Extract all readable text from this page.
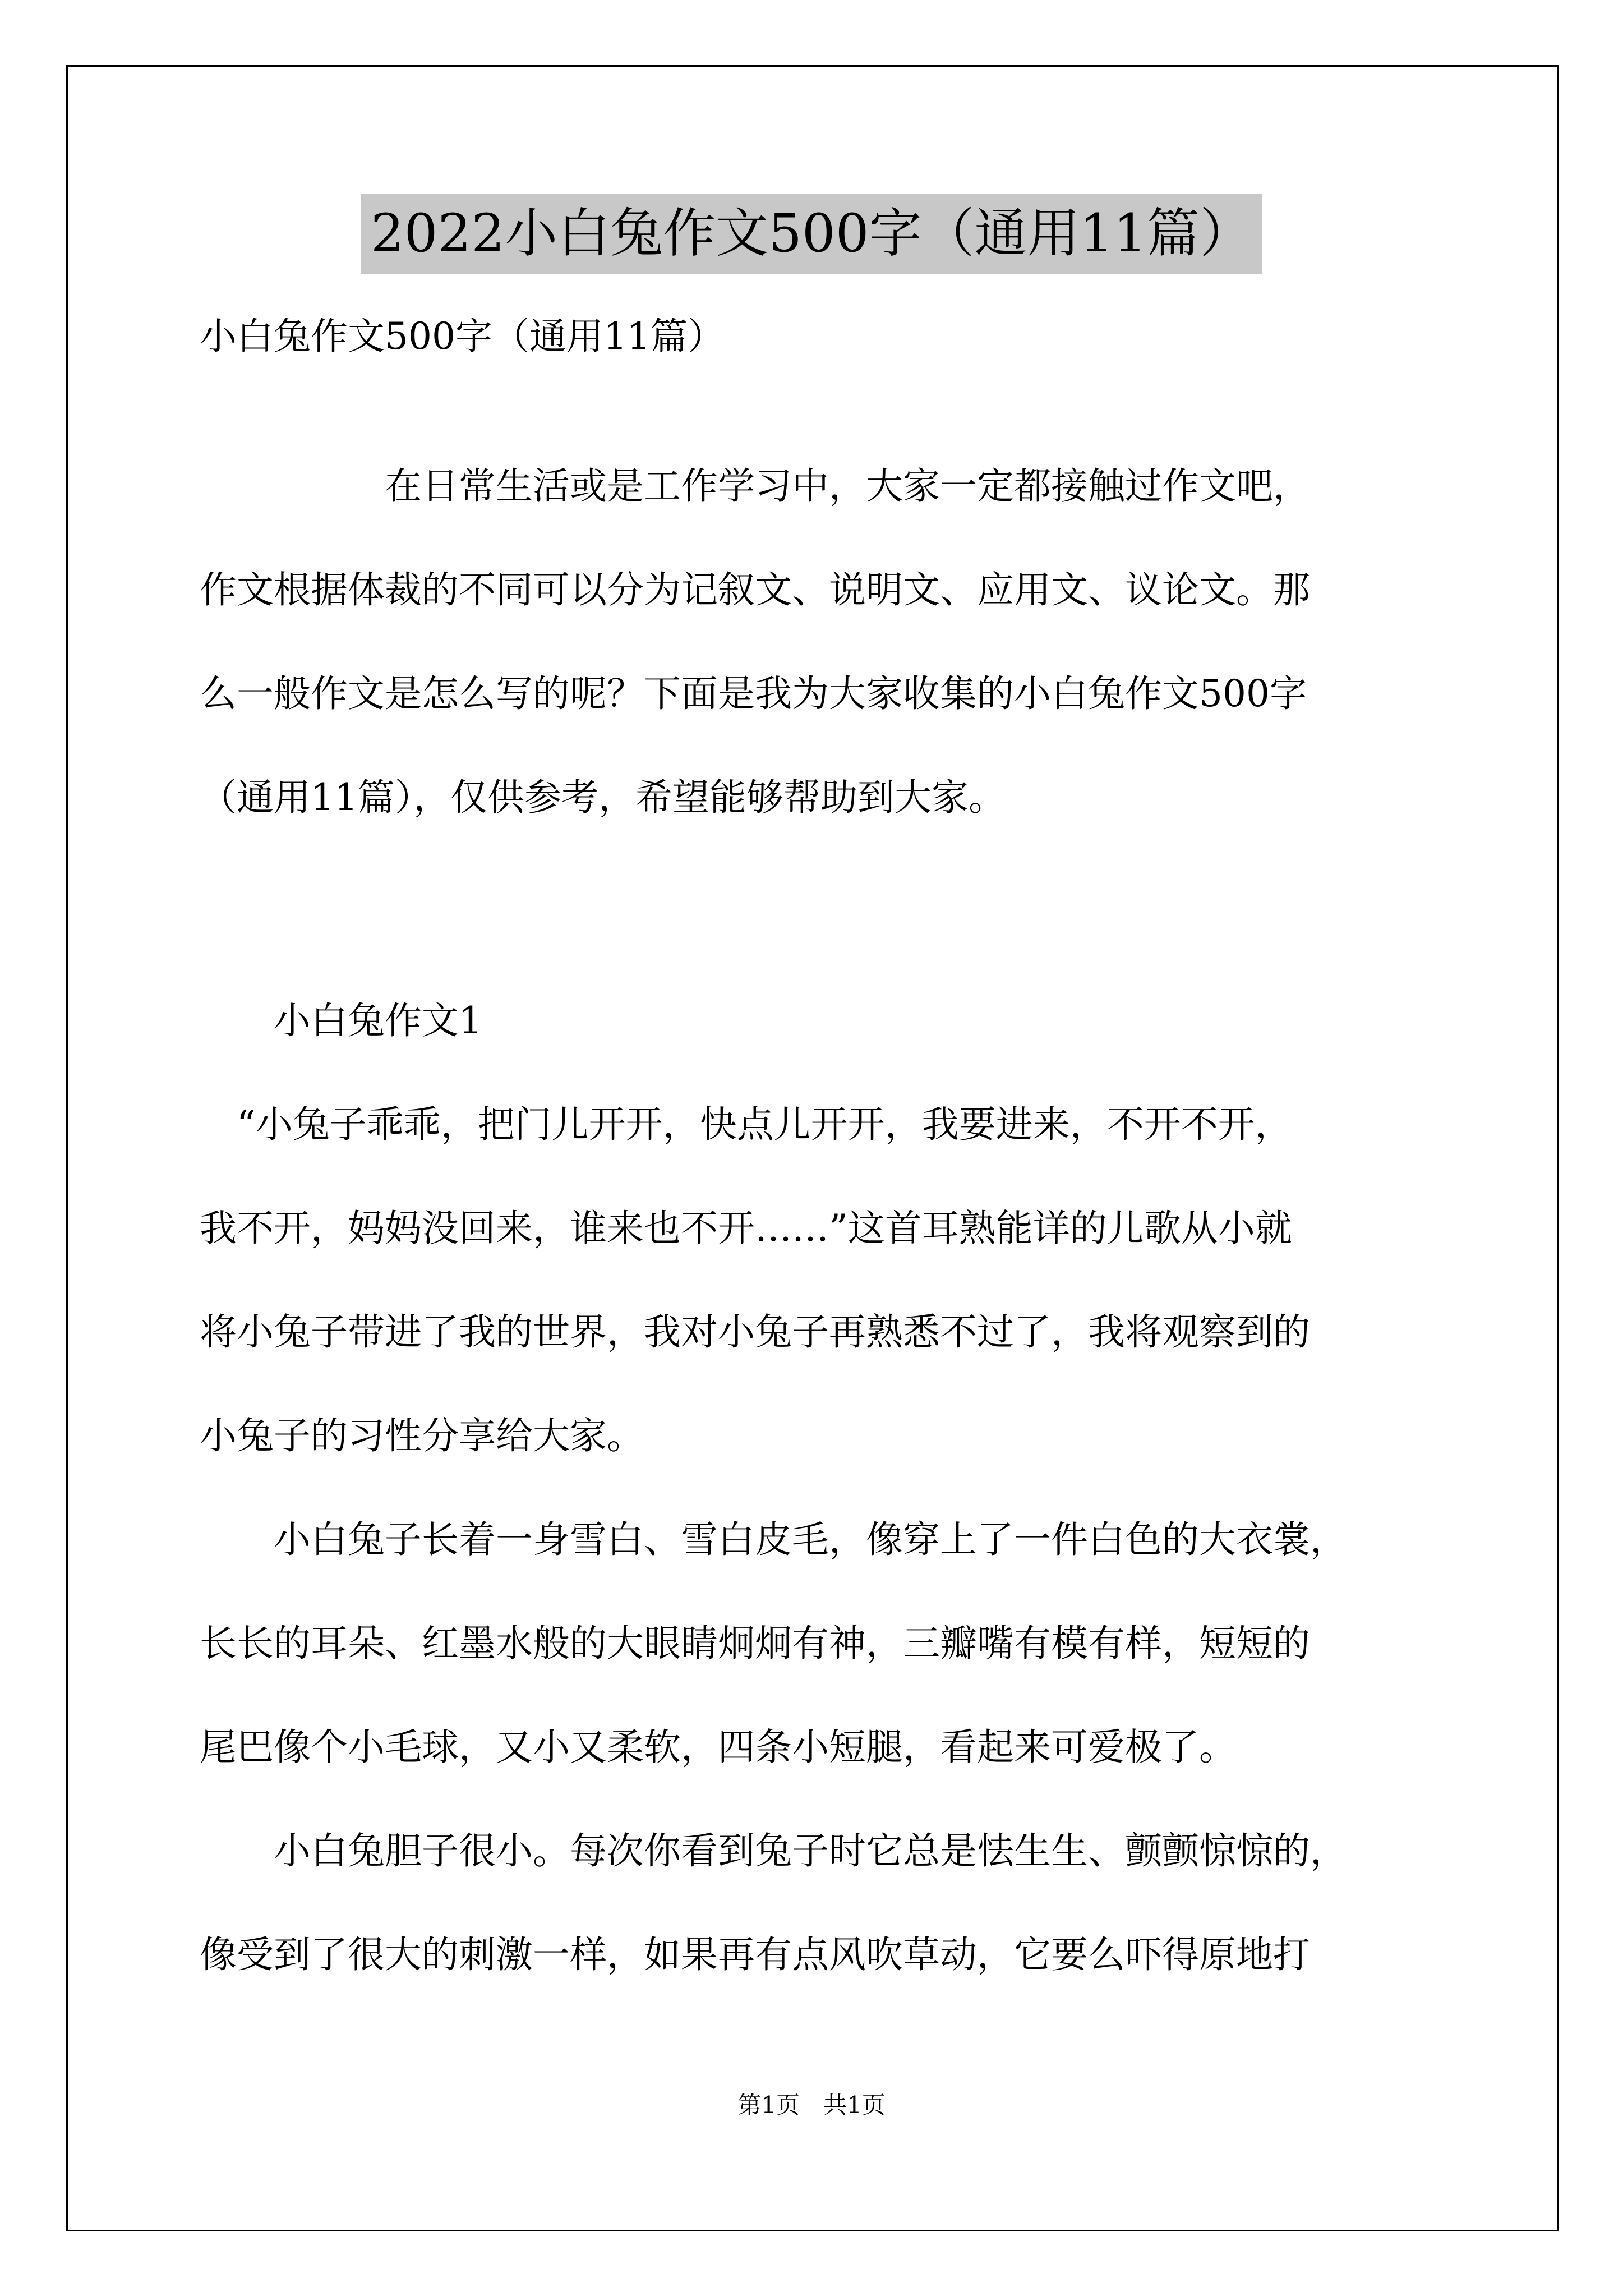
2022小白兔作文500字（通用11篇）
小白兔作文500字（通用11篇）
　　　　　在日常生活或是工作学习中，大家一定都接触过作文吧，
作文根据体裁的不同可以分为记叙文、说明文、应用文、议论文。那
么一般作文是怎么写的呢？下面是我为大家收集的小白兔作文500字
（通用11篇），仅供参考，希望能够帮助到大家。
　　小白兔作文1
　“小兔子乖乖，把门儿开开，快点儿开开，我要进来，不开不开，
我不开，妈妈没回来，谁来也不开……”这首耳熟能详的儿歌从小就
将小兔子带进了我的世界，我对小兔子再熟悉不过了，我将观察到的
小兔子的习性分享给大家。
　　小白兔子长着一身雪白、雪白皮毛，像穿上了一件白色的大衣裳，
长长的耳朵、红墨水般的大眼睛炯炯有神，三瓣嘴有模有样，短短的
尾巴像个小毛球，又小又柔软，四条小短腿，看起来可爱极了。
　　小白兔胆子很小。每次你看到兔子时它总是怯生生、颤颤惊惊的，
像受到了很大的刺激一样，如果再有点风吹草动，它要么吓得原地打
第1页　共1页
